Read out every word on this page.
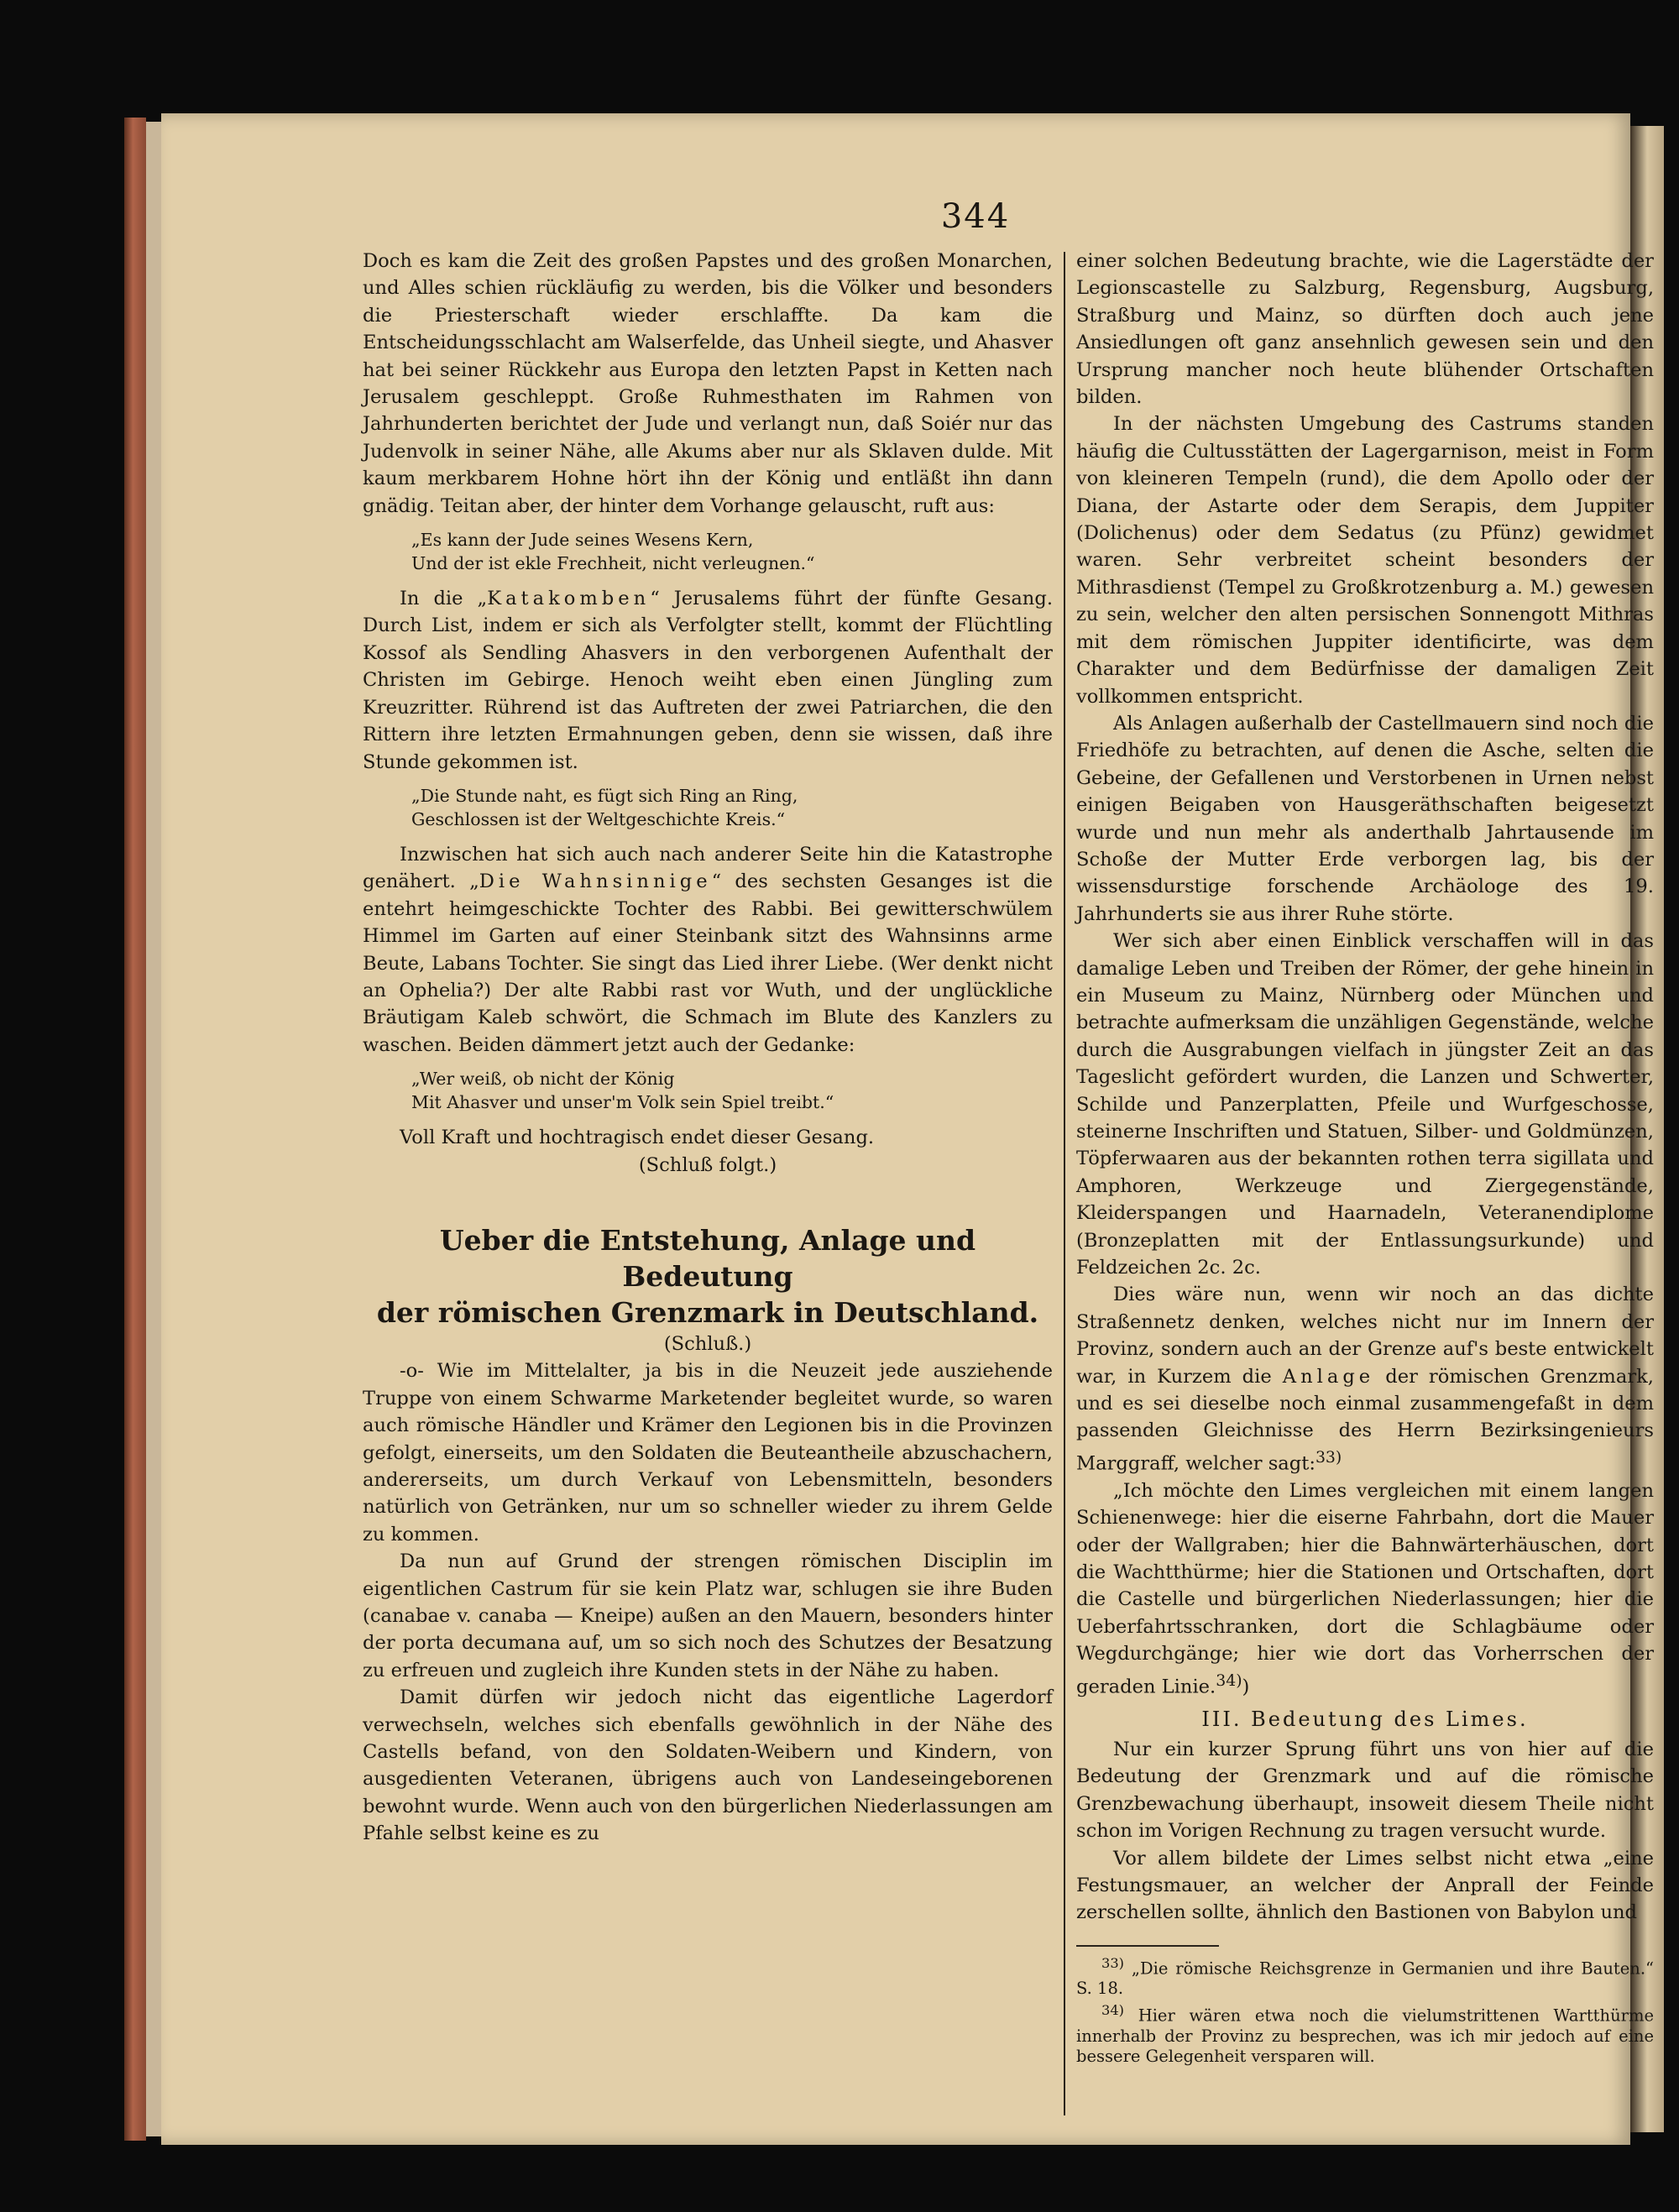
344

Doch es kam die Zeit des großen Papstes und des großen Monarchen, und Alles schien rückläufig zu werden, bis die Völker und besonders die Priesterschaft wieder erschlaffte. Da kam die Entscheidungsschlacht am Walserfelde, das Unheil siegte, und Ahasver hat bei seiner Rückkehr aus Europa den letzten Papst in Ketten nach Jerusalem geschleppt. Große Ruhmesthaten im Rahmen von Jahrhunderten berichtet der Jude und verlangt nun, daß Soiér nur das Judenvolk in seiner Nähe, alle Akums aber nur als Sklaven dulde. Mit kaum merkbarem Hohne hört ihn der König und entläßt ihn dann gnädig. Teitan aber, der hinter dem Vorhange gelauscht, ruft aus:

„Es kann der Jude seines Wesens Kern,
Und der ist ekle Frechheit, nicht verleugnen.“

In die „Katakomben“ Jerusalems führt der fünfte Gesang. Durch List, indem er sich als Verfolgter stellt, kommt der Flüchtling Kossof als Sendling Ahasvers in den verborgenen Aufenthalt der Christen im Gebirge. Henoch weiht eben einen Jüngling zum Kreuzritter. Rührend ist das Auftreten der zwei Patriarchen, die den Rittern ihre letzten Ermahnungen geben, denn sie wissen, daß ihre Stunde gekommen ist.

„Die Stunde naht, es fügt sich Ring an Ring,
Geschlossen ist der Weltgeschichte Kreis.“

Inzwischen hat sich auch nach anderer Seite hin die Katastrophe genähert. „Die Wahnsinnige“ des sechsten Gesanges ist die entehrt heimgeschickte Tochter des Rabbi. Bei gewitterschwülem Himmel im Garten auf einer Steinbank sitzt des Wahnsinns arme Beute, Labans Tochter. Sie singt das Lied ihrer Liebe. (Wer denkt nicht an Ophelia?) Der alte Rabbi rast vor Wuth, und der unglückliche Bräutigam Kaleb schwört, die Schmach im Blute des Kanzlers zu waschen. Beiden dämmert jetzt auch der Gedanke:

„Wer weiß, ob nicht der König
Mit Ahasver und unser'm Volk sein Spiel treibt.“

Voll Kraft und hochtragisch endet dieser Gesang.

(Schluß folgt.)

Ueber die Entstehung, Anlage und Bedeutung
der römischen Grenzmark in Deutschland.

(Schluß.)

-o- Wie im Mittelalter, ja bis in die Neuzeit jede ausziehende Truppe von einem Schwarme Marketender begleitet wurde, so waren auch römische Händler und Krämer den Legionen bis in die Provinzen gefolgt, einerseits, um den Soldaten die Beuteantheile abzuschachern, andererseits, um durch Verkauf von Lebensmitteln, besonders natürlich von Getränken, nur um so schneller wieder zu ihrem Gelde zu kommen.

Da nun auf Grund der strengen römischen Disciplin im eigentlichen Castrum für sie kein Platz war, schlugen sie ihre Buden (canabae v. canaba — Kneipe) außen an den Mauern, besonders hinter der porta decumana auf, um so sich noch des Schutzes der Besatzung zu erfreuen und zugleich ihre Kunden stets in der Nähe zu haben.

Damit dürfen wir jedoch nicht das eigentliche Lagerdorf verwechseln, welches sich ebenfalls gewöhnlich in der Nähe des Castells befand, von den Soldaten-Weibern und Kindern, von ausgedienten Veteranen, übrigens auch von Landeseingeborenen bewohnt wurde. Wenn auch von den bürgerlichen Niederlassungen am Pfahle selbst keine es zu

einer solchen Bedeutung brachte, wie die Lagerstädte der Legionscastelle zu Salzburg, Regensburg, Augsburg, Straßburg und Mainz, so dürften doch auch jene Ansiedlungen oft ganz ansehnlich gewesen sein und den Ursprung mancher noch heute blühender Ortschaften bilden.

In der nächsten Umgebung des Castrums standen häufig die Cultusstätten der Lagergarnison, meist in Form von kleineren Tempeln (rund), die dem Apollo oder der Diana, der Astarte oder dem Serapis, dem Juppiter (Dolichenus) oder dem Sedatus (zu Pfünz) gewidmet waren. Sehr verbreitet scheint besonders der Mithrasdienst (Tempel zu Großkrotzenburg a. M.) gewesen zu sein, welcher den alten persischen Sonnengott Mithras mit dem römischen Juppiter identificirte, was dem Charakter und dem Bedürfnisse der damaligen Zeit vollkommen entspricht.

Als Anlagen außerhalb der Castellmauern sind noch die Friedhöfe zu betrachten, auf denen die Asche, selten die Gebeine, der Gefallenen und Verstorbenen in Urnen nebst einigen Beigaben von Hausgeräthschaften beigesetzt wurde und nun mehr als anderthalb Jahrtausende im Schoße der Mutter Erde verborgen lag, bis der wissensdurstige forschende Archäologe des 19. Jahrhunderts sie aus ihrer Ruhe störte.

Wer sich aber einen Einblick verschaffen will in das damalige Leben und Treiben der Römer, der gehe hinein in ein Museum zu Mainz, Nürnberg oder München und betrachte aufmerksam die unzähligen Gegenstände, welche durch die Ausgrabungen vielfach in jüngster Zeit an das Tageslicht gefördert wurden, die Lanzen und Schwerter, Schilde und Panzerplatten, Pfeile und Wurfgeschosse, steinerne Inschriften und Statuen, Silber- und Goldmünzen, Töpferwaaren aus der bekannten rothen terra sigillata und Amphoren, Werkzeuge und Ziergegenstände, Kleiderspangen und Haarnadeln, Veteranendiplome (Bronzeplatten mit der Entlassungsurkunde) und Feldzeichen 2c. 2c.

Dies wäre nun, wenn wir noch an das dichte Straßennetz denken, welches nicht nur im Innern der Provinz, sondern auch an der Grenze auf's beste entwickelt war, in Kurzem die Anlage der römischen Grenzmark, und es sei dieselbe noch einmal zusammengefaßt in dem passenden Gleichnisse des Herrn Bezirksingenieurs Marggraff, welcher sagt:$^{33)}$

„Ich möchte den Limes vergleichen mit einem langen Schienenwege: hier die eiserne Fahrbahn, dort die Mauer oder der Wallgraben; hier die Bahnwärterhäuschen, dort die Wachtthürme; hier die Stationen und Ortschaften, dort die Castelle und bürgerlichen Niederlassungen; hier die Ueberfahrtsschranken, dort die Schlagbäume oder Wegdurchgänge; hier wie dort das Vorherrschen der geraden Linie.$^{34)}$)

III. Bedeutung des Limes.

Nur ein kurzer Sprung führt uns von hier auf die Bedeutung der Grenzmark und auf die römische Grenzbewachung überhaupt, insoweit diesem Theile nicht schon im Vorigen Rechnung zu tragen versucht wurde.

Vor allem bildete der Limes selbst nicht etwa „eine Festungsmauer, an welcher der Anprall der Feinde zerschellen sollte, ähnlich den Bastionen von Babylon und

$^{33)}$ „Die römische Reichsgrenze in Germanien und ihre Bauten.“ S. 18.

$^{34)}$ Hier wären etwa noch die vielumstrittenen Wartthürme innerhalb der Provinz zu besprechen, was ich mir jedoch auf eine bessere Gelegenheit versparen will.
